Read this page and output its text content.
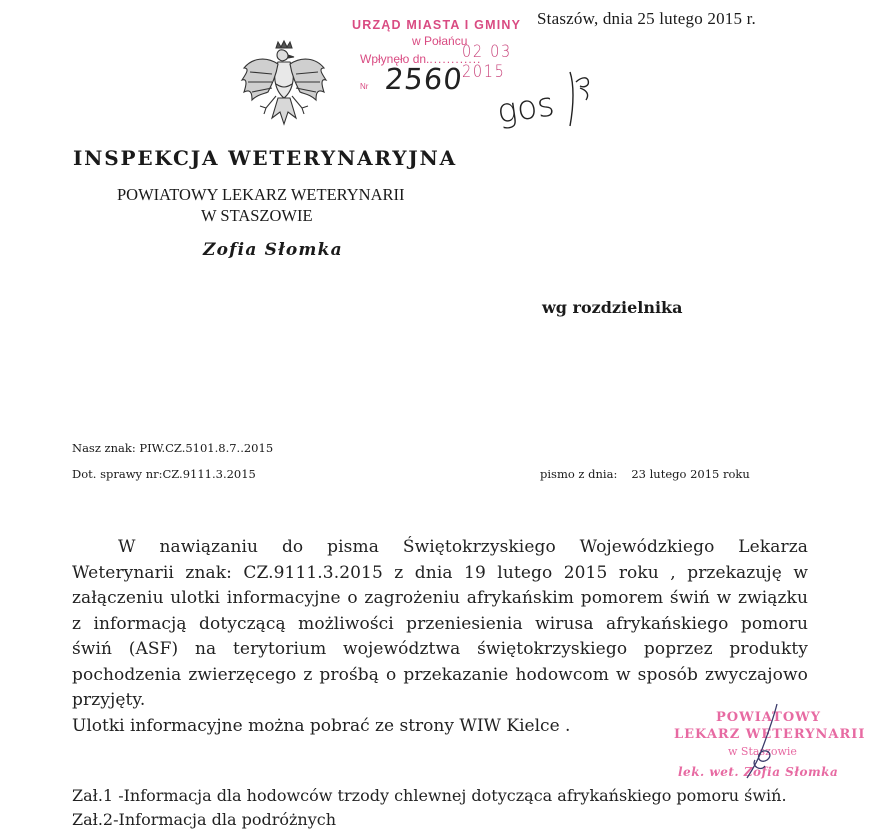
URZĄD MIASTA I GMINY
w Połańcu
Wpłynęło dn.............
02 03 2015
Nr 2560
gos
Staszów, dnia 25 lutego 2015 r.
INSPEKCJA WETERYNARYJNA
POWIATOWY LEKARZ WETERYNARII
W STASZOWIE
Zofia Słomka
wg rozdzielnika
Nasz znak: PIW.CZ.5101.8.7..2015
Dot. sprawy nr:CZ.9111.3.2015	pismo z dnia: 23 lutego 2015 roku

W nawiązaniu do pisma Świętokrzyskiego Wojewódzkiego Lekarza Weterynarii znak: CZ.9111.3.2015 z dnia 19 lutego 2015 roku , przekazuję w załączeniu ulotki informacyjne o zagrożeniu afrykańskim pomorem świń w związku z informacją dotyczącą możliwości przeniesienia wirusa afrykańskiego pomoru świń (ASF) na terytorium województwa świętokrzyskiego poprzez produkty pochodzenia zwierzęcego z prośbą o przekazanie hodowcom w sposób zwyczajowo przyjęty.

Ulotki informacyjne można pobrać ze strony WIW Kielce .	POWIATOWY
LEKARZ WETERYNARII
w Staszowie
lek. wet. Zofia Słomka
Zał.1 -Informacja dla hodowców trzody chlewnej dotycząca afrykańskiego pomoru świń.
Zał.2-Informacja dla podróżnych
